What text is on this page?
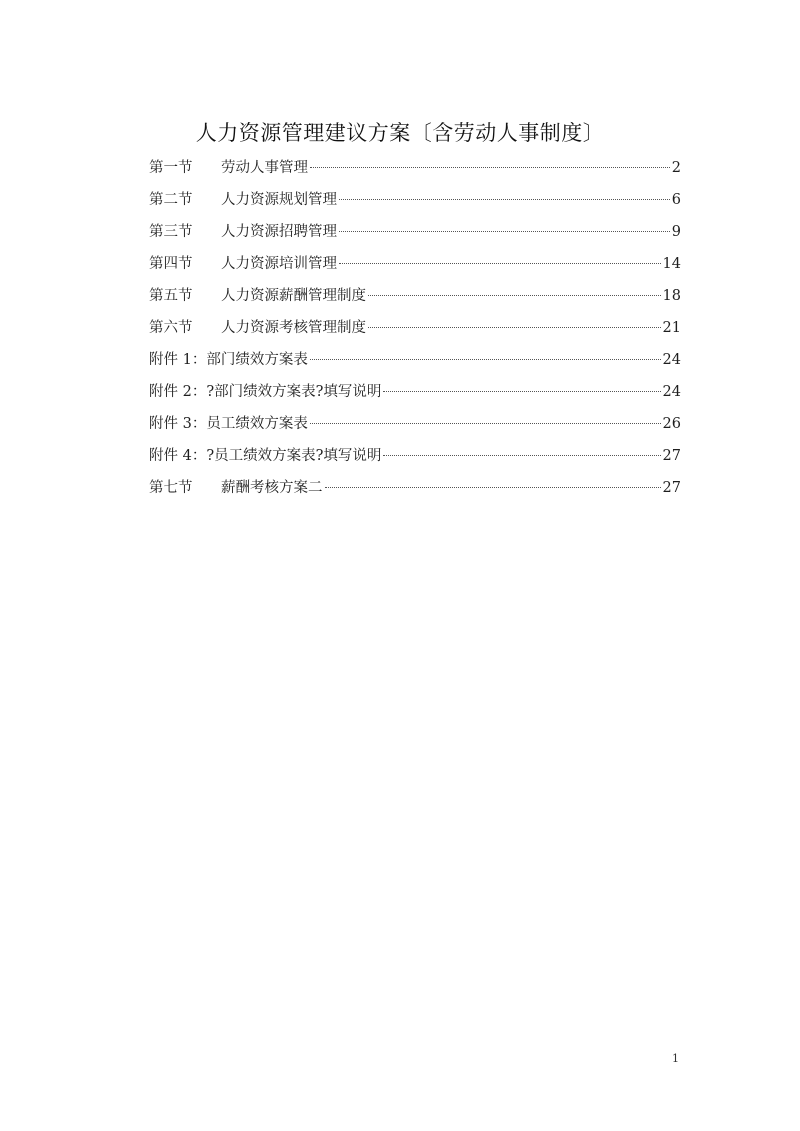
人力资源管理建议方案〔含劳动人事制度〕
第一节	劳动人事管理	2
第二节	人力资源规划管理	6
第三节	人力资源招聘管理	9
第四节	人力资源培训管理	14
第五节	人力资源薪酬管理制度	18
第六节	人力资源考核管理制度	21
附件 1： 部门绩效方案表	24
附件 2： ?部门绩效方案表?填写说明	24
附件 3： 员工绩效方案表	26
附件 4： ?员工绩效方案表?填写说明	27
第七节	薪酬考核方案二	27
1
